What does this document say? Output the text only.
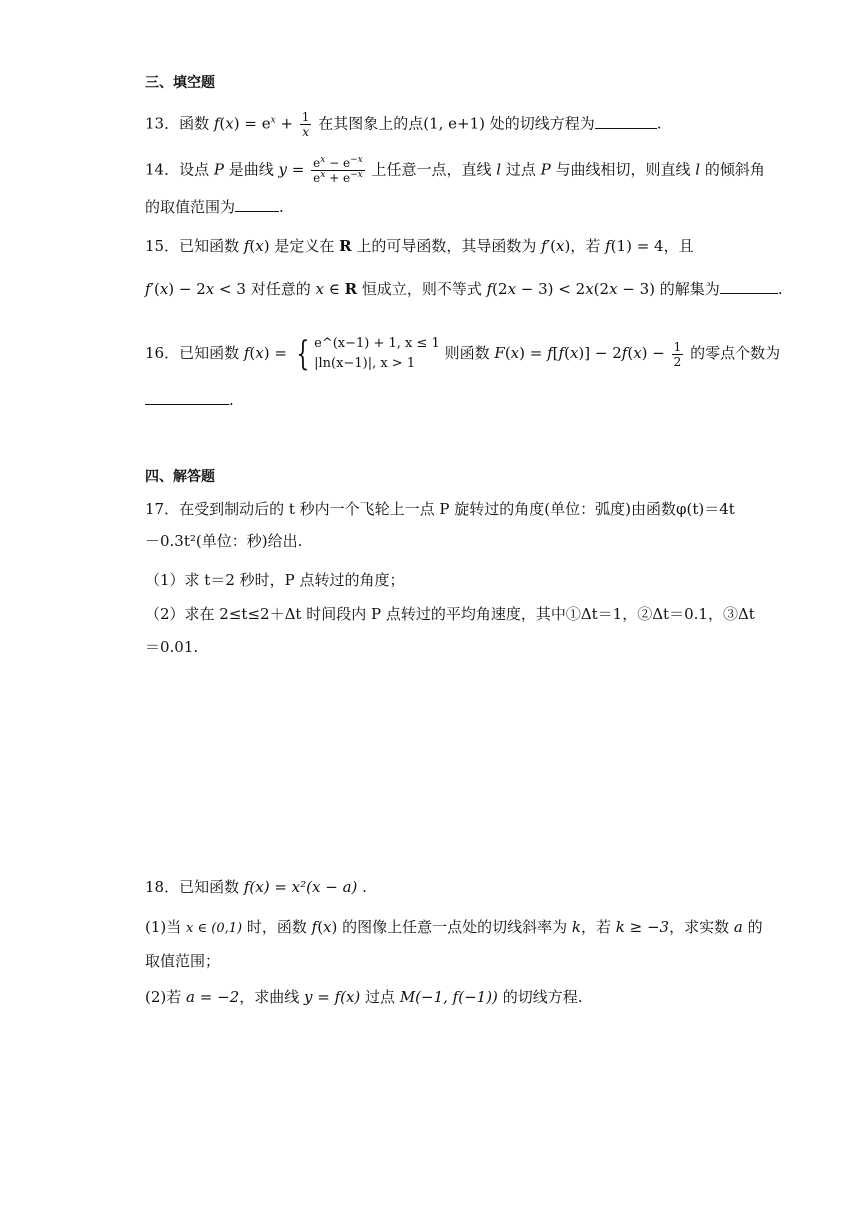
三、填空题
13．函数 $f(x) = e^x + \frac{1}{x}$ 在其图象上的点(1, e+1) 处的切线方程为	.
14．设点 P 是曲线 $y = \frac{e^x - e^{-x}}{e^x + e^{-x}}$ 上任意一点，直线 l 过点 P 与曲线相切，则直线 l 的倾斜角
的取值范围为	.
15．已知函数 f(x) 是定义在 R 上的可导函数，其导函数为 f′(x)，若 f(1) = 4，且
f′(x) − 2x < 3 对任意的 x ∈ R 恒成立，则不等式 f(2x − 3) < 2x(2x − 3) 的解集为	.
16．已知函数 f(x) = { e^(x−1) + 1, x ≤ 1
|ln(x−1)|, x > 1
则函数 $F(x) = f[f(x)] - 2f(x) - \frac{1}{2}$ 的零点个数为
.
四、解答题
17．在受到制动后的 t 秒内一个飞轮上一点 P 旋转过的角度(单位：弧度)由函数φ(t)＝4t
－0.3t²(单位：秒)给出.
（1）求 t＝2 秒时，P 点转过的角度；
（2）求在 2≤t≤2＋Δt 时间段内 P 点转过的平均角速度，其中①Δt＝1，②Δt＝0.1，③Δt
＝0.01.
18．已知函数 f(x) = x²(x − a) .
(1)当 x ∈ (0,1) 时，函数 f(x) 的图像上任意一点处的切线斜率为 k，若 k ≥ −3，求实数 a 的
取值范围；
(2)若 a = −2，求曲线 y = f(x) 过点 M(−1, f(−1)) 的切线方程.
